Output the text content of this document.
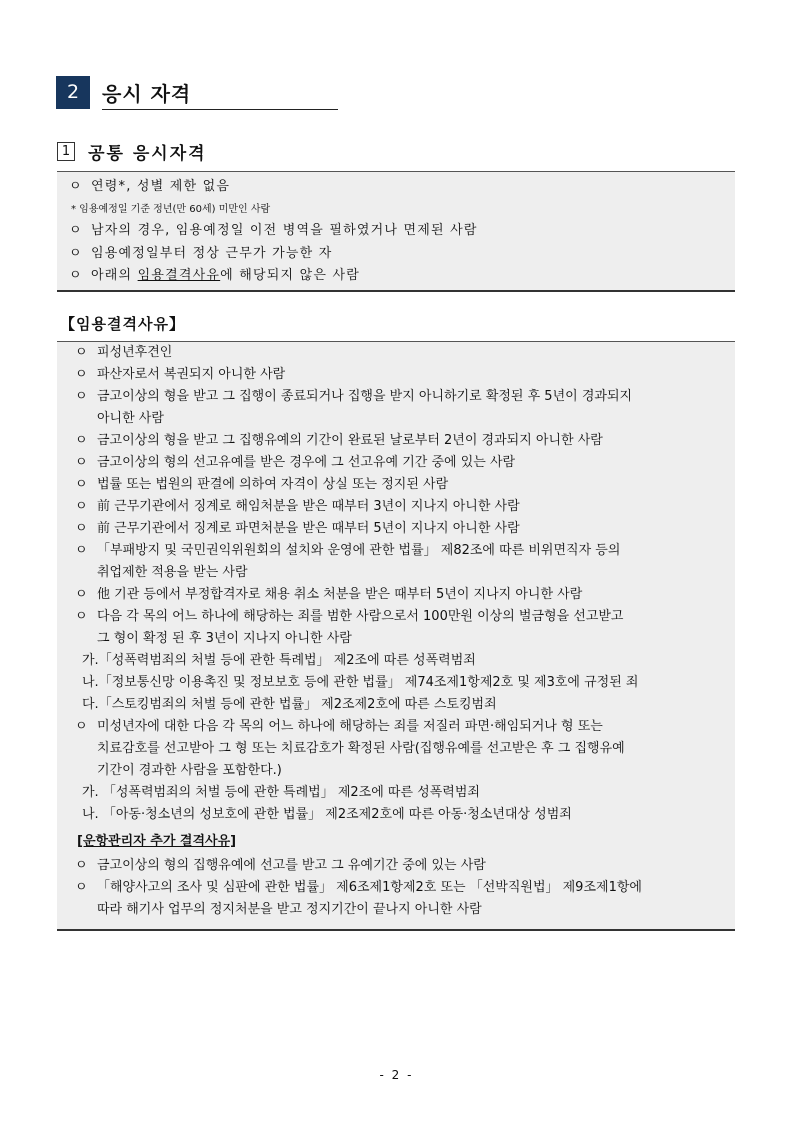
2	응시 자격
1 공통 응시자격
ㅇ 연령*, 성별 제한 없음
* 임용예정일 기준 정년(만 60세) 미만인 사람
ㅇ 남자의 경우, 임용예정일 이전 병역을 필하였거나 면제된 사람
ㅇ 임용예정일부터 정상 근무가 가능한 자
ㅇ 아래의 임용결격사유에 해당되지 않은 사람
【임용결격사유】
ㅇ 피성년후견인
ㅇ 파산자로서 복권되지 아니한 사람
ㅇ 금고이상의 형을 받고 그 집행이 종료되거나 집행을 받지 아니하기로 확정된 후 5년이 경과되지
아니한 사람
ㅇ 금고이상의 형을 받고 그 집행유예의 기간이 완료된 날로부터 2년이 경과되지 아니한 사람
ㅇ 금고이상의 형의 선고유예를 받은 경우에 그 선고유예 기간 중에 있는 사람
ㅇ 법률 또는 법원의 판결에 의하여 자격이 상실 또는 정지된 사람
ㅇ 前 근무기관에서 징계로 해임처분을 받은 때부터 3년이 지나지 아니한 사람
ㅇ 前 근무기관에서 징계로 파면처분을 받은 때부터 5년이 지나지 아니한 사람
ㅇ 「부패방지 및 국민권익위원회의 설치와 운영에 관한 법률」 제82조에 따른 비위면직자 등의
취업제한 적용을 받는 사람
ㅇ 他 기관 등에서 부정합격자로 채용 취소 처분을 받은 때부터 5년이 지나지 아니한 사람
ㅇ 다음 각 목의 어느 하나에 해당하는 죄를 범한 사람으로서 100만원 이상의 벌금형을 선고받고
그 형이 확정 된 후 3년이 지나지 아니한 사람
가.「성폭력범죄의 처벌 등에 관한 특례법」 제2조에 따른 성폭력범죄
나.「정보통신망 이용촉진 및 정보보호 등에 관한 법률」 제74조제1항제2호 및 제3호에 규정된 죄
다.「스토킹범죄의 처벌 등에 관한 법률」 제2조제2호에 따른 스토킹범죄
ㅇ 미성년자에 대한 다음 각 목의 어느 하나에 해당하는 죄를 저질러 파면·해임되거나 형 또는
치료감호를 선고받아 그 형 또는 치료감호가 확정된 사람(집행유예를 선고받은 후 그 집행유예
기간이 경과한 사람을 포함한다.)
가. 「성폭력범죄의 처벌 등에 관한 특례법」 제2조에 따른 성폭력범죄
나. 「아동·청소년의 성보호에 관한 법률」 제2조제2호에 따른 아동·청소년대상 성범죄
[운항관리자 추가 결격사유]
ㅇ 금고이상의 형의 집행유예에 선고를 받고 그 유예기간 중에 있는 사람
ㅇ 「해양사고의 조사 및 심판에 관한 법률」 제6조제1항제2호 또는 「선박직원법」 제9조제1항에
따라 해기사 업무의 정지처분을 받고 정지기간이 끝나지 아니한 사람
- 2 -
